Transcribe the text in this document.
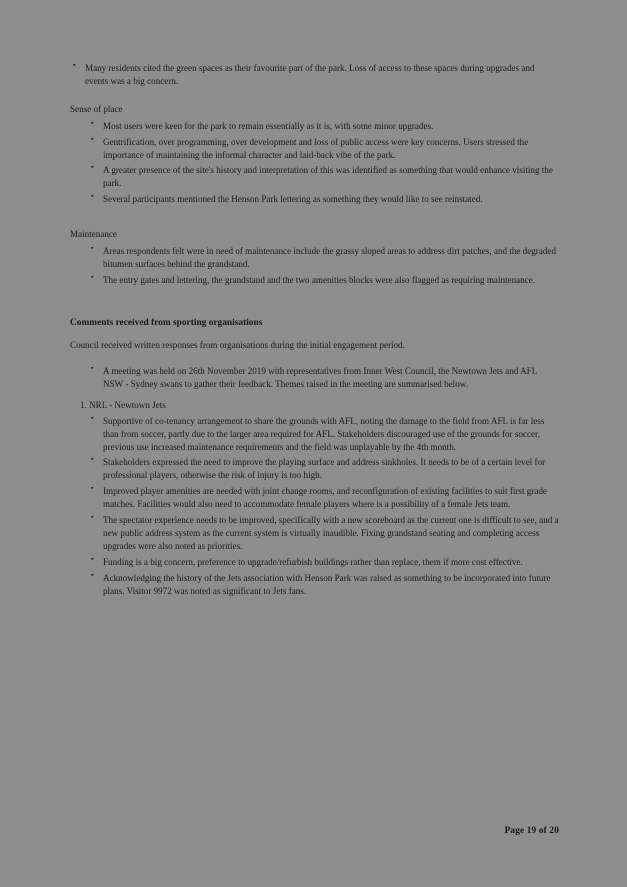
▪ Many residents cited the green spaces as their favourite part of the park. Loss of access to these spaces during upgrades and events was a big concern.

Sense of place

▪ Most users were keen for the park to remain essentially as it is, with some minor upgrades.
▪ Gentrification, over programming, over development and loss of public access were key concerns. Users stressed the importance of maintaining the informal character and laid-back vibe of the park.
▪ A greater presence of the site's history and interpretation of this was identified as something that would enhance visiting the park.
▪ Several participants mentioned the Henson Park lettering as something they would like to see reinstated.

Maintenance

▪ Areas respondents felt were in need of maintenance include the grassy sloped areas to address dirt patches, and the degraded bitumen surfaces behind the grandstand.
▪ The entry gates and lettering, the grandstand and the two amenities blocks were also flagged as requiring maintenance.

Comments received from sporting organisations

Council received written responses from organisations during the initial engagement period.

▪ A meeting was held on 26th November 2019 with representatives from Inner West Council, the Newtown Jets and AFL NSW - Sydney swans to gather their feedback. Themes raised in the meeting are summarised below.

1. NRL - Newtown Jets

▪ Supportive of co-tenancy arrangement to share the grounds with AFL, noting the damage to the field from AFL is far less than from soccer, partly due to the larger area required for AFL. Stakeholders discouraged use of the grounds for soccer, previous use increased maintenance requirements and the field was unplayable by the 4th month.
▪ Stakeholders expressed the need to improve the playing surface and address sinkholes. It needs to be of a certain level for professional players, otherwise the risk of injury is too high.
▪ Improved player amenities are needed with joint change rooms, and reconfiguration of existing facilities to suit first grade matches. Facilities would also need to accommodate female players where is a possibility of a female Jets team.
▪ The spectator experience needs to be improved, specifically with a new scoreboard as the current one is difficult to see, and a new public address system as the current system is virtually inaudible. Fixing grandstand seating and completing access upgrades were also noted as priorities.
▪ Funding is a big concern, preference to upgrade/refurbish buildings rather than replace, them if more cost effective.
▪ Acknowledging the history of the Jets association with Henson Park was raised as something to be incorporated into future plans. Visitor 9972 was noted as significant to Jets fans.
Page 19 of 20
